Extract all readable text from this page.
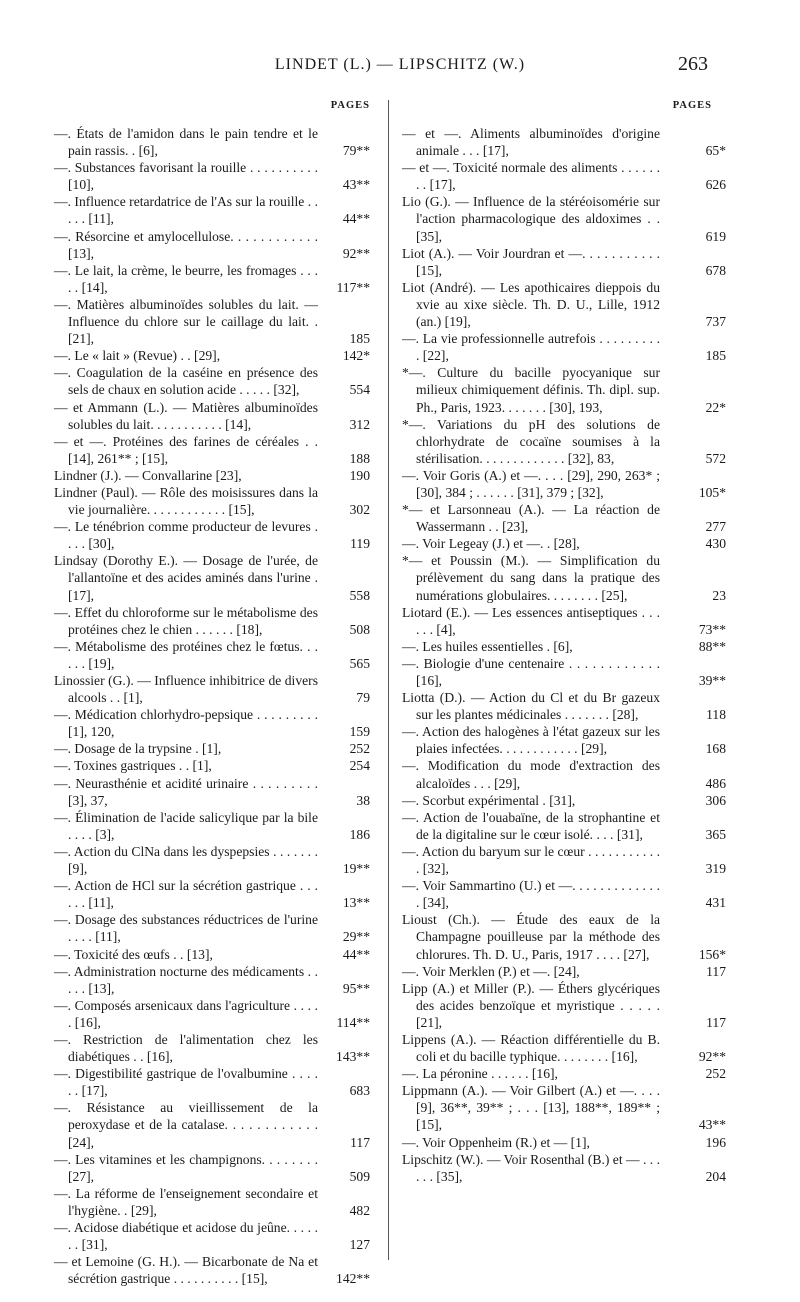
LINDET (L.) — LIPSCHITZ (W.)	263
PAGES
—. États de l'amidon dans le pain tendre et le pain rassis. . [6],	79**
—. Substances favorisant la rouille . . . . . . . . . . [10],	43**
—. Influence retardatrice de l'As sur la rouille . . . . . [11],	44**
—. Résorcine et amylocellulose. . . . . . . . . . . . [13],	92**
—. Le lait, la crème, le beurre, les fromages . . . . . [14],	117**
—. Matières albuminoïdes solubles du lait. — Influence du chlore sur le caillage du lait. . [21],	185
—. Le « lait » (Revue) . . [29],	142*
—. Coagulation de la caséine en présence des sels de chaux en solution acide . . . . . [32],	554
— et Ammann (L.). — Matières albuminoïdes solubles du lait. . . . . . . . . . . [14],	312
— et —. Protéines des farines de céréales . . [14], 261** ; [15],	188
Lindner (J.). — Convallarine [23],	190
Lindner (Paul). — Rôle des moisissures dans la vie journalière. . . . . . . . . . . . [15],	302
—. Le ténébrion comme producteur de levures . . . . [30],	119
Lindsay (Dorothy E.). — Dosage de l'urée, de l'allantoïne et des acides aminés dans l'urine . [17],	558
—. Effet du chloroforme sur le métabolisme des protéines chez le chien . . . . . . [18],	508
—. Métabolisme des protéines chez le fœtus. . . . . . [19],	565
Linossier (G.). — Influence inhibitrice de divers alcools . . [1],	79
—. Médication chlorhydro-pepsique . . . . . . . . . [1], 120,	159
—. Dosage de la trypsine . [1],	252
—. Toxines gastriques . . [1],	254
—. Neurasthénie et acidité urinaire . . . . . . . . . [3], 37,	38
—. Élimination de l'acide salicylique par la bile . . . . [3],	186
—. Action du ClNa dans les dyspepsies . . . . . . . [9],	19**
—. Action de HCl sur la sécrétion gastrique . . . . . . [11],	13**
—. Dosage des substances réductrices de l'urine . . . . [11],	29**
—. Toxicité des œufs . . [13],	44**
—. Administration nocturne des médicaments . . . . . [13],	95**
—. Composés arsenicaux dans l'agriculture . . . . . [16],	114**
—. Restriction de l'alimentation chez les diabétiques . . [16],	143**
—. Digestibilité gastrique de l'ovalbumine . . . . . . [17],	683
—. Résistance au vieillissement de la peroxydase et de la catalase. . . . . . . . . . . . [24],	117
—. Les vitamines et les champignons. . . . . . . . [27],	509
—. La réforme de l'enseignement secondaire et l'hygiène. . [29],	482
—. Acidose diabétique et acidose du jeûne. . . . . . . [31],	127
— et Lemoine (G. H.). — Bicarbonate de Na et sécrétion gastrique . . . . . . . . . . [15],	142**
PAGES
— et —. Aliments albuminoïdes d'origine animale . . . [17],	65*
— et —. Toxicité normale des aliments . . . . . . . . [17],	626
Lio (G.). — Influence de la stéréoisomérie sur l'action pharmacologique des aldoximes . . [35],	619
Liot (A.). — Voir Jourdran et —. . . . . . . . . . . [15],	678
Liot (André). — Les apothicaires dieppois du xvie au xixe siècle. Th. D. U., Lille, 1912 (an.) [19],	737
—. La vie professionnelle autrefois . . . . . . . . . . [22],	185
*—. Culture du bacille pyocyanique sur milieux chimiquement définis. Th. dipl. sup. Ph., Paris, 1923. . . . . . . [30], 193,	22*
*—. Variations du pH des solutions de chlorhydrate de cocaïne soumises à la stérilisation. . . . . . . . . . . . . [32], 83,	572
—. Voir Goris (A.) et —. . . . [29], 290, 263* ; [30], 384 ; . . . . . . [31], 379 ; [32],	105*
*— et Larsonneau (A.). — La réaction de Wassermann . . [23],	277
—. Voir Legeay (J.) et —. . [28],	430
*— et Poussin (M.). — Simplification du prélèvement du sang dans la pratique des numérations globulaires. . . . . . . . [25],	23
Liotard (E.). — Les essences antiseptiques . . . . . . [4],	73**
—. Les huiles essentielles . [6],	88**
—. Biologie d'une centenaire . . . . . . . . . . . . [16],	39**
Liotta (D.). — Action du Cl et du Br gazeux sur les plantes médicinales . . . . . . . [28],	118
—. Action des halogènes à l'état gazeux sur les plaies infectées. . . . . . . . . . . . [29],	168
—. Modification du mode d'extraction des alcaloïdes . . . [29],	486
—. Scorbut expérimental . [31],	306
—. Action de l'ouabaïne, de la strophantine et de la digitaline sur le cœur isolé. . . . [31],	365
—. Action du baryum sur le cœur . . . . . . . . . . . . [32],	319
—. Voir Sammartino (U.) et —. . . . . . . . . . . . . . [34],	431
Lioust (Ch.). — Étude des eaux de la Champagne pouilleuse par la méthode des chlorures. Th. D. U., Paris, 1917 . . . . [27],	156*
—. Voir Merklen (P.) et —. [24],	117
Lipp (A.) et Miller (P.). — Éthers glycériques des acides benzoïque et myristique . . . . . [21],	117
Lippens (A.). — Réaction différentielle du B. coli et du bacille typhique. . . . . . . . [16],	92**
—. La péronine . . . . . . [16],	252
Lippmann (A.). — Voir Gilbert (A.) et —. . . . [9], 36**, 39** ; . . . [13], 188**, 189** ; [15],	43**
—. Voir Oppenheim (R.) et — [1],	196
Lipschitz (W.). — Voir Rosenthal (B.) et — . . . . . . [35],	204
